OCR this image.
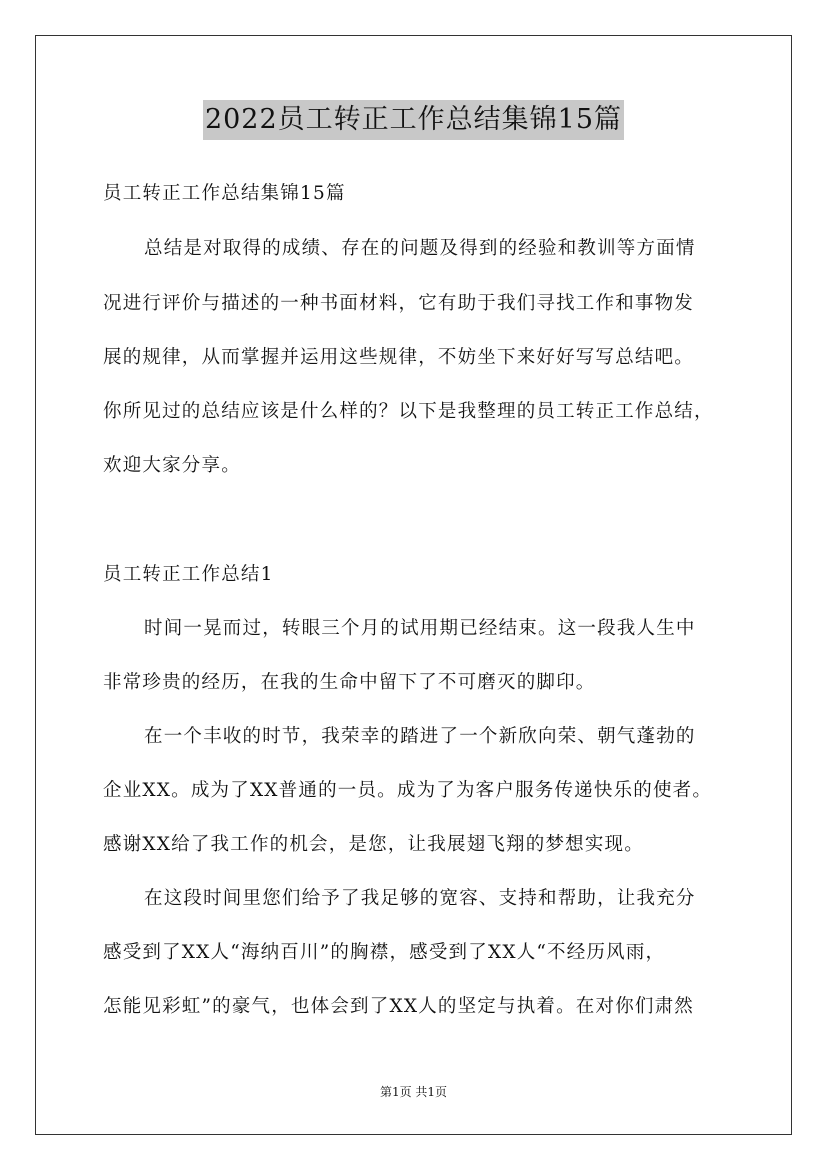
2022员工转正工作总结集锦15篇
员工转正工作总结集锦15篇
总结是对取得的成绩、存在的问题及得到的经验和教训等方面情
况进行评价与描述的一种书面材料，它有助于我们寻找工作和事物发
展的规律，从而掌握并运用这些规律，不妨坐下来好好写写总结吧。
你所见过的总结应该是什么样的？以下是我整理的员工转正工作总结，
欢迎大家分享。
员工转正工作总结1
时间一晃而过，转眼三个月的试用期已经结束。这一段我人生中
非常珍贵的经历，在我的生命中留下了不可磨灭的脚印。
在一个丰收的时节，我荣幸的踏进了一个新欣向荣、朝气蓬勃的
企业XX。成为了XX普通的一员。成为了为客户服务传递快乐的使者。
感谢XX给了我工作的机会，是您，让我展翅飞翔的梦想实现。
在这段时间里您们给予了我足够的宽容、支持和帮助，让我充分
感受到了XX人“海纳百川”的胸襟，感受到了XX人“不经历风雨，
怎能见彩虹”的豪气，也体会到了XX人的坚定与执着。在对你们肃然
第1页 共1页
